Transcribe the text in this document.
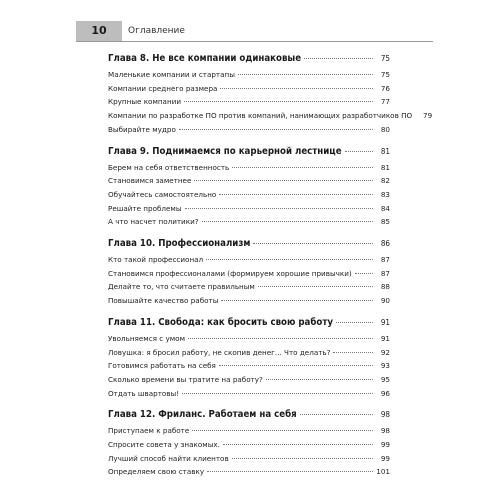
10	Оглавление
Глава 8. Не все компании одинаковые	75
Маленькие компании и стартапы	75
Компании среднего размера	76
Крупные компании	77
Компании по разработке ПО против компаний, нанимающих разработчиков ПО	79
Выбирайте мудро	80
Глава 9. Поднимаемся по карьерной лестнице	81
Берем на себя ответственность	81
Становимся заметнее	82
Обучайтесь самостоятельно	83
Решайте проблемы	84
А что насчет политики?	85
Глава 10. Профессионализм	86
Кто такой профессионал	87
Становимся профессионалами (формируем хорошие привычки)	87
Делайте то, что считаете правильным	88
Повышайте качество работы	90
Глава 11. Свобода: как бросить свою работу	91
Увольняемся с умом	91
Ловушка: я бросил работу, не скопив денег... Что делать?	92
Готовимся работать на себя	93
Сколько времени вы тратите на работу?	95
Отдать швартовы!	96
Глава 12. Фриланс. Работаем на себя	98
Приступаем к работе	98
Спросите совета у знакомых.	99
Лучший способ найти клиентов	99
Определяем свою ставку	101
